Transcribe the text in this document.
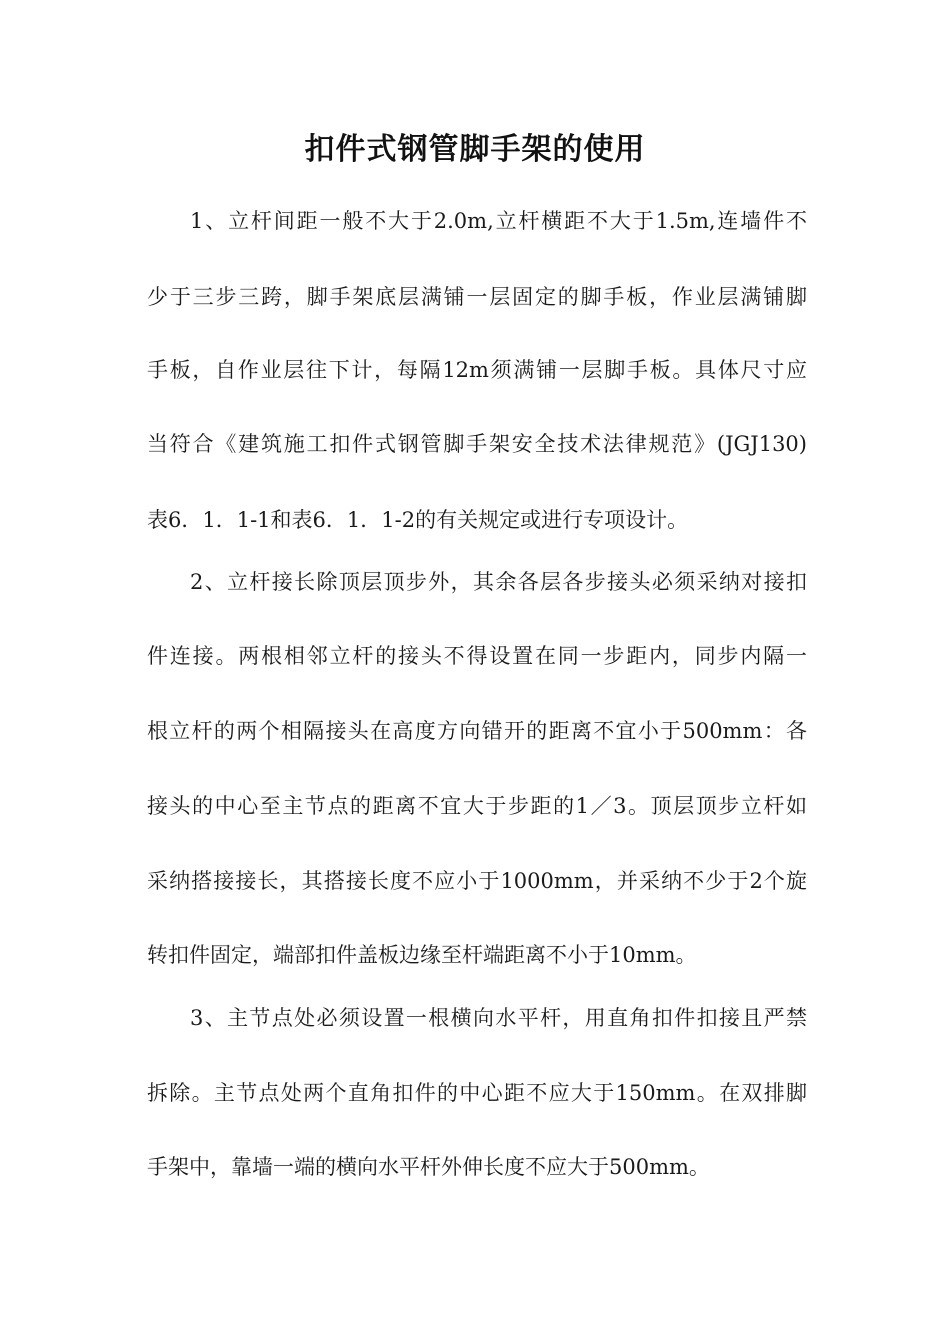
扣件式钢管脚手架的使用
1、立杆间距一般不大于2.0m,立杆横距不大于1.5m,连墙件不
少于三步三跨，脚手架底层满铺一层固定的脚手板，作业层满铺脚
手板，自作业层往下计，每隔12m须满铺一层脚手板。具体尺寸应
当符合《建筑施工扣件式钢管脚手架安全技术法律规范》(JGJ130)
表6．1．1-1和表6．1．1-2的有关规定或进行专项设计。
2、立杆接长除顶层顶步外，其余各层各步接头必须采纳对接扣
件连接。两根相邻立杆的接头不得设置在同一步距内，同步内隔一
根立杆的两个相隔接头在高度方向错开的距离不宜小于500mm：各
接头的中心至主节点的距离不宜大于步距的1／3。顶层顶步立杆如
采纳搭接接长，其搭接长度不应小于1000mm，并采纳不少于2个旋
转扣件固定，端部扣件盖板边缘至杆端距离不小于10mm。
3、主节点处必须设置一根横向水平杆，用直角扣件扣接且严禁
拆除。主节点处两个直角扣件的中心距不应大于150mm。在双排脚
手架中，靠墙一端的横向水平杆外伸长度不应大于500mm。
